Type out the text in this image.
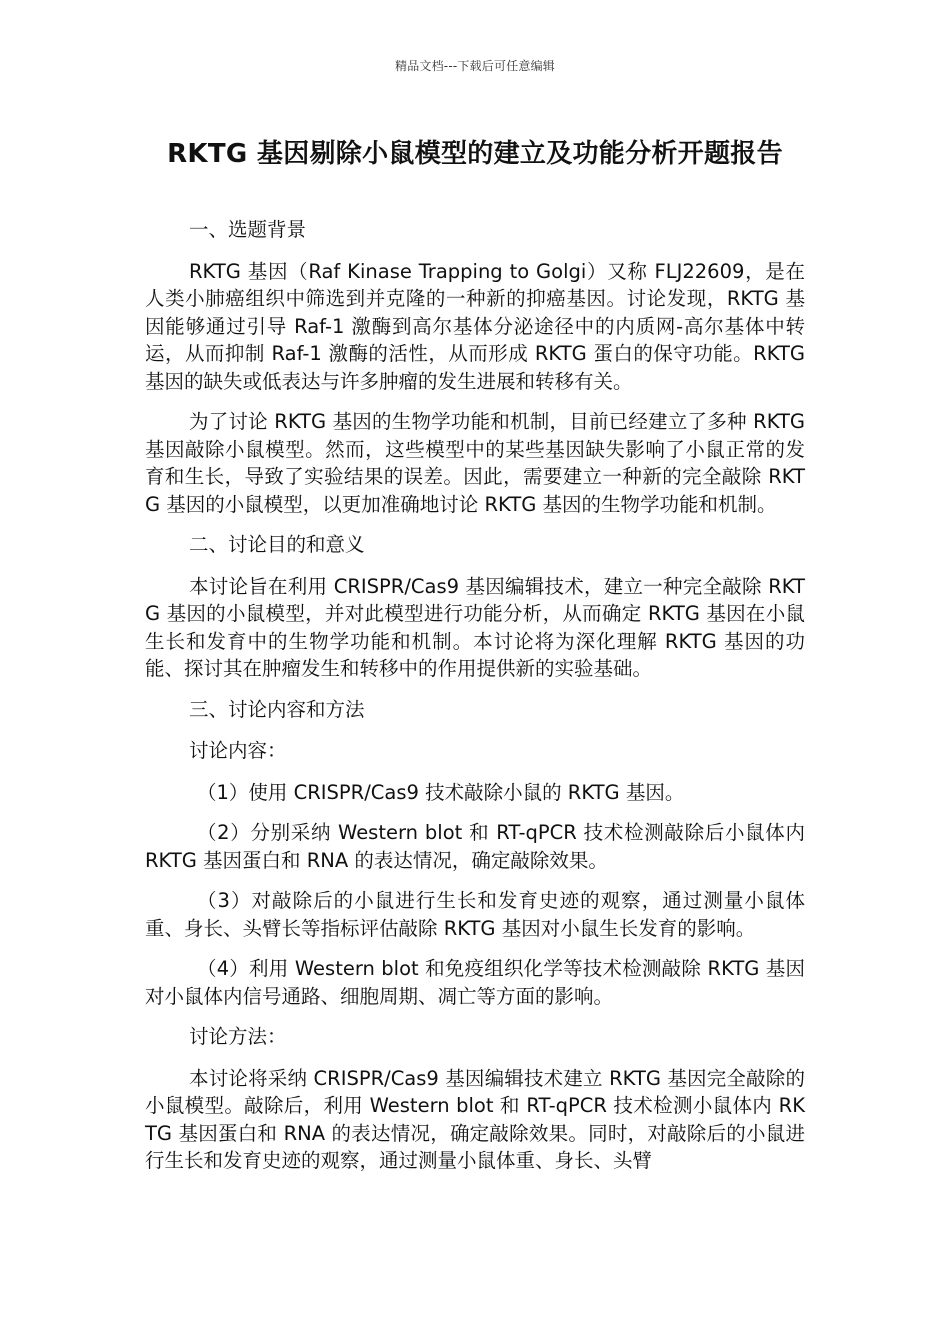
精品文档---下载后可任意编辑
RKTG 基因剔除小鼠模型的建立及功能分析开题报告

一、选题背景

RKTG 基因（Raf Kinase Trapping to Golgi）又称 FLJ22609，是在人类小肺癌组织中筛选到并克隆的一种新的抑癌基因。讨论发现，RKTG 基因能够通过引导 Raf-1 激酶到高尔基体分泌途径中的内质网-高尔基体中转运，从而抑制 Raf-1 激酶的活性，从而形成 RKTG 蛋白的保守功能。RKTG 基因的缺失或低表达与许多肿瘤的发生进展和转移有关。

为了讨论 RKTG 基因的生物学功能和机制，目前已经建立了多种 RKTG 基因敲除小鼠模型。然而，这些模型中的某些基因缺失影响了小鼠正常的发育和生长，导致了实验结果的误差。因此，需要建立一种新的完全敲除 RKTG 基因的小鼠模型，以更加准确地讨论 RKTG 基因的生物学功能和机制。

二、讨论目的和意义

本讨论旨在利用 CRISPR/Cas9 基因编辑技术，建立一种完全敲除 RKTG 基因的小鼠模型，并对此模型进行功能分析，从而确定 RKTG 基因在小鼠生长和发育中的生物学功能和机制。本讨论将为深化理解 RKTG 基因的功能、探讨其在肿瘤发生和转移中的作用提供新的实验基础。

三、讨论内容和方法

讨论内容：

（1）使用 CRISPR/Cas9 技术敲除小鼠的 RKTG 基因。

（2）分别采纳 Western blot 和 RT-qPCR 技术检测敲除后小鼠体内 RKTG 基因蛋白和 RNA 的表达情况，确定敲除效果。

（3）对敲除后的小鼠进行生长和发育史迹的观察，通过测量小鼠体重、身长、头臂长等指标评估敲除 RKTG 基因对小鼠生长发育的影响。

（4）利用 Western blot 和免疫组织化学等技术检测敲除 RKTG 基因对小鼠体内信号通路、细胞周期、凋亡等方面的影响。

讨论方法：

本讨论将采纳 CRISPR/Cas9 基因编辑技术建立 RKTG 基因完全敲除的小鼠模型。敲除后，利用 Western blot 和 RT-qPCR 技术检测小鼠体内 RKTG 基因蛋白和 RNA 的表达情况，确定敲除效果。同时，对敲除后的小鼠进行生长和发育史迹的观察，通过测量小鼠体重、身长、头臂
